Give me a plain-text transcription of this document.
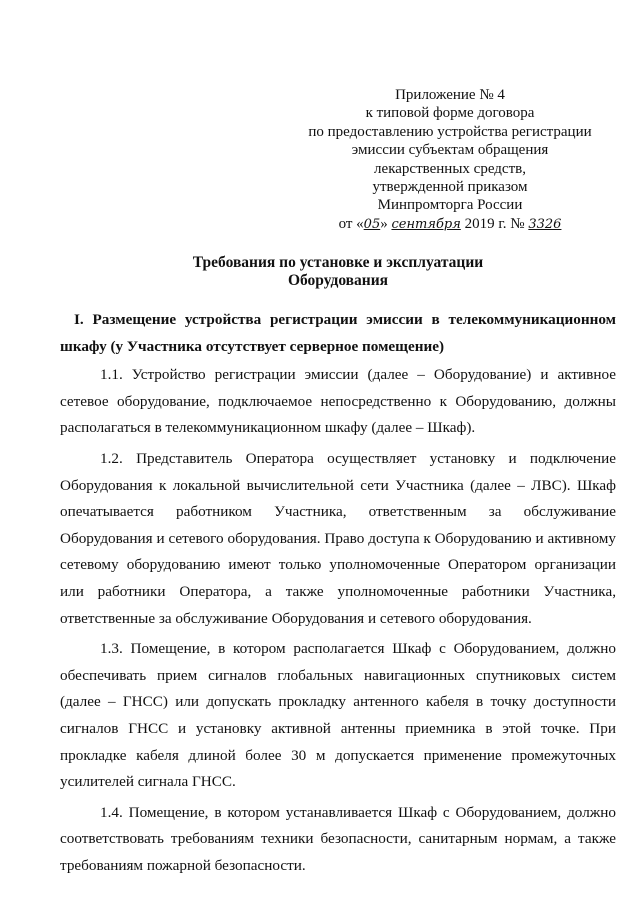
Приложение № 4
к типовой форме договора
по предоставлению устройства регистрации
эмиссии субъектам обращения
лекарственных средств,
утвержденной приказом
Минпромторга России
от «05» сентября 2019 г. № 3326
Требования по установке и эксплуатации
Оборудования

I. Размещение устройства регистрации эмиссии в телекоммуникационном шкафу (у Участника отсутствует серверное помещение)

1.1. Устройство регистрации эмиссии (далее – Оборудование) и активное сетевое оборудование, подключаемое непосредственно к Оборудованию, должны располагаться в телекоммуникационном шкафу (далее – Шкаф).

1.2. Представитель Оператора осуществляет установку и подключение Оборудования к локальной вычислительной сети Участника (далее – ЛВС). Шкаф опечатывается работником Участника, ответственным за обслуживание Оборудования и сетевого оборудования. Право доступа к Оборудованию и активному сетевому оборудованию имеют только уполномоченные Оператором организации или работники Оператора, а также уполномоченные работники Участника, ответственные за обслуживание Оборудования и сетевого оборудования.

1.3. Помещение, в котором располагается Шкаф с Оборудованием, должно обеспечивать прием сигналов глобальных навигационных спутниковых систем (далее – ГНСС) или допускать прокладку антенного кабеля в точку доступности сигналов ГНСС и установку активной антенны приемника в этой точке. При прокладке кабеля длиной более 30 м допускается применение промежуточных усилителей сигнала ГНСС.

1.4. Помещение, в котором устанавливается Шкаф с Оборудованием, должно соответствовать требованиям техники безопасности, санитарным нормам, а также требованиям пожарной безопасности.
